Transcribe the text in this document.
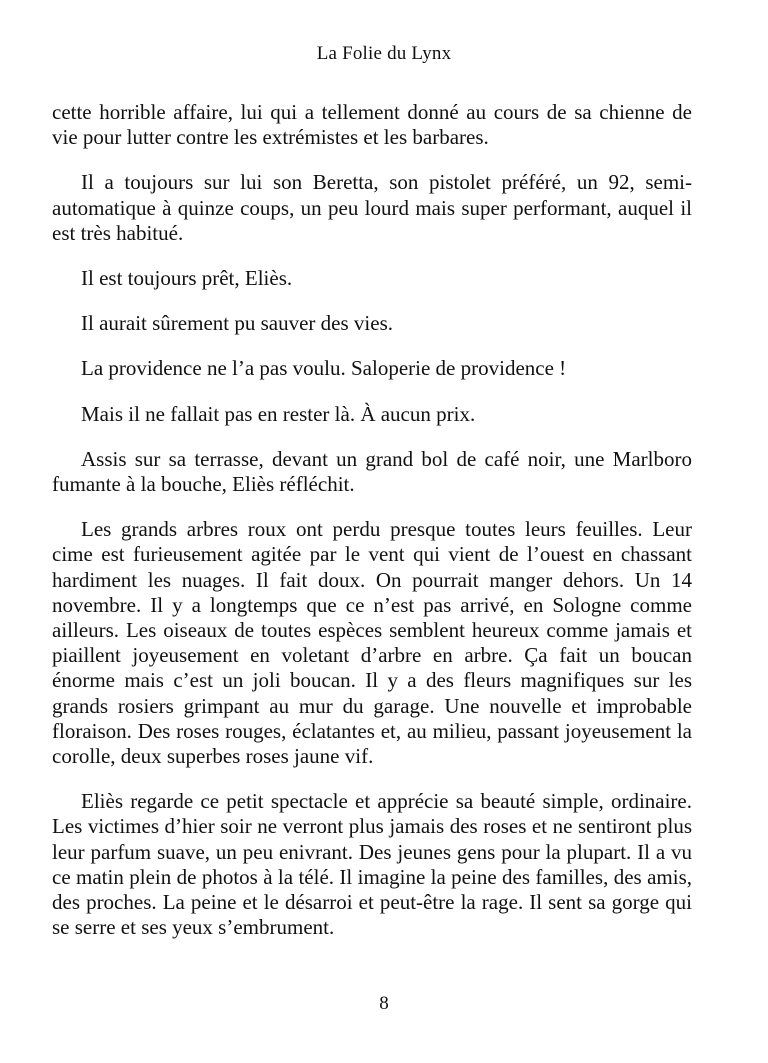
La Folie du Lynx

cette horrible affaire, lui qui a tellement donné au cours de sa chienne de vie pour lutter contre les extrémistes et les barbares.

Il a toujours sur lui son Beretta, son pistolet préféré, un 92, semi-automatique à quinze coups, un peu lourd mais super performant, auquel il est très habitué.

Il est toujours prêt, Eliès.

Il aurait sûrement pu sauver des vies.

La providence ne l’a pas voulu. Saloperie de providence !

Mais il ne fallait pas en rester là. À aucun prix.

Assis sur sa terrasse, devant un grand bol de café noir, une Marlboro fumante à la bouche, Eliès réfléchit.

Les grands arbres roux ont perdu presque toutes leurs feuilles. Leur cime est furieusement agitée par le vent qui vient de l’ouest en chassant hardiment les nuages. Il fait doux. On pourrait manger dehors. Un 14 novembre. Il y a longtemps que ce n’est pas arrivé, en Sologne comme ailleurs. Les oiseaux de toutes espèces semblent heureux comme jamais et piaillent joyeusement en voletant d’arbre en arbre. Ça fait un boucan énorme mais c’est un joli boucan. Il y a des fleurs magnifiques sur les grands rosiers grimpant au mur du garage. Une nouvelle et improbable floraison. Des roses rouges, éclatantes et, au milieu, passant joyeusement la corolle, deux superbes roses jaune vif.

Eliès regarde ce petit spectacle et apprécie sa beauté simple, ordinaire. Les victimes d’hier soir ne verront plus jamais des roses et ne sentiront plus leur parfum suave, un peu enivrant. Des jeunes gens pour la plupart. Il a vu ce matin plein de photos à la télé. Il imagine la peine des familles, des amis, des proches. La peine et le désarroi et peut-être la rage. Il sent sa gorge qui se serre et ses yeux s’embrument.

8
